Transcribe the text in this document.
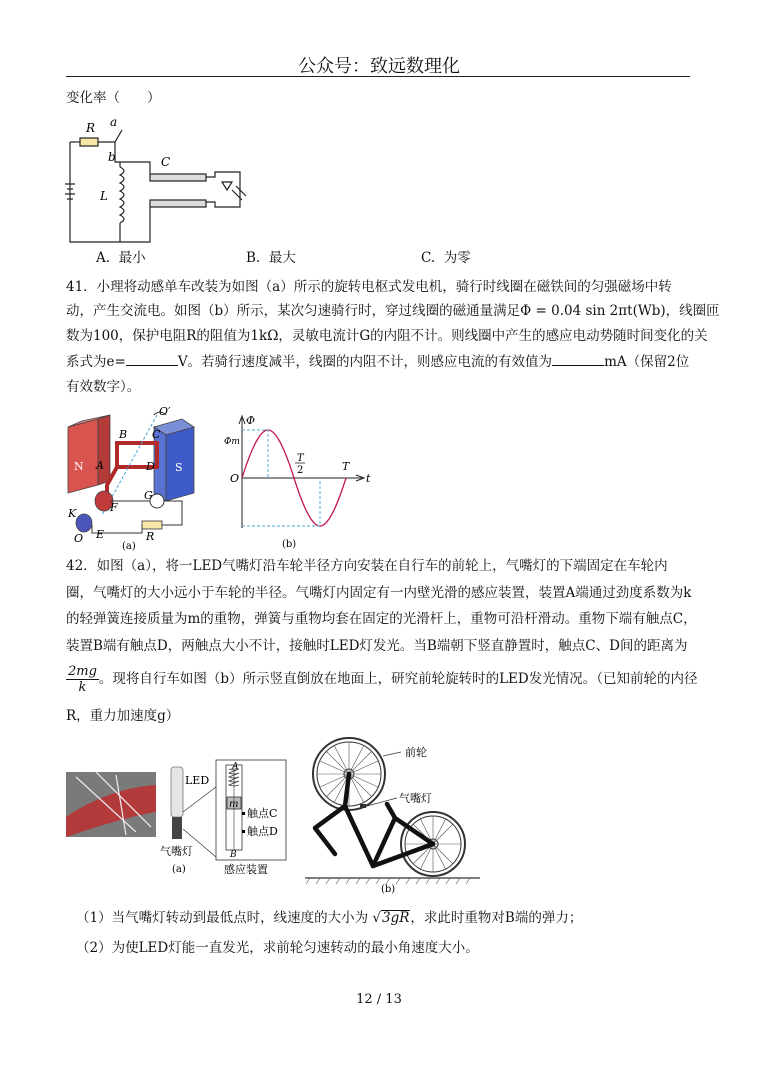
公众号：致远数理化
变化率（　　）
R a
b	C
L
A. 最小	B. 最大	C. 为零
41．小理将动感单车改装为如图（a）所示的旋转电枢式发电机，骑行时线圈在磁铁间的匀强磁场中转
动，产生交流电。如图（b）所示，某次匀速骑行时，穿过线圈的磁通量满足Φ = 0.04 sin 2πt(Wb)，线圈匝
数为100，保护电阻R的阻值为1kΩ，灵敏电流计G的内阻不计。则线圈中产生的感应电动势随时间变化的关
系式为e=	V。若骑行速度减半，线圈的内阻不计，则感应电流的有效值为	mA（保留2位
有效数字）。
N	S
B C
A	D
O′
G
F
K
E	R
O
(a)
Φ
Φm
O
T
2	T
t
(b)
42．如图（a），将一LED气嘴灯沿车轮半径方向安装在自行车的前轮上，气嘴灯的下端固定在车轮内
圈，气嘴灯的大小远小于车轮的半径。气嘴灯内固定有一内壁光滑的感应装置，装置A端通过劲度系数为k
的轻弹簧连接质量为m的重物，弹簧与重物均套在固定的光滑杆上，重物可沿杆滑动。重物下端有触点C，
装置B端有触点D，两触点大小不计，接触时LED灯发光。当B端朝下竖直静置时，触点C、D间的距离为
$\frac{2mg}{k}$ 。现将自行车如图（b）所示竖直倒放在地面上，研究前轮旋转时的LED发光情况。（已知前轮的内径
R，重力加速度g）
LED
A
m
触点C
触点D
B
气嘴灯
感应装置
(a)
前轮
气嘴灯
(b)
（1）当气嘴灯转动到最低点时，线速度的大小为 √3gR，求此时重物对B端的弹力；
（2）为使LED灯能一直发光，求前轮匀速转动的最小角速度大小。
12 / 13
